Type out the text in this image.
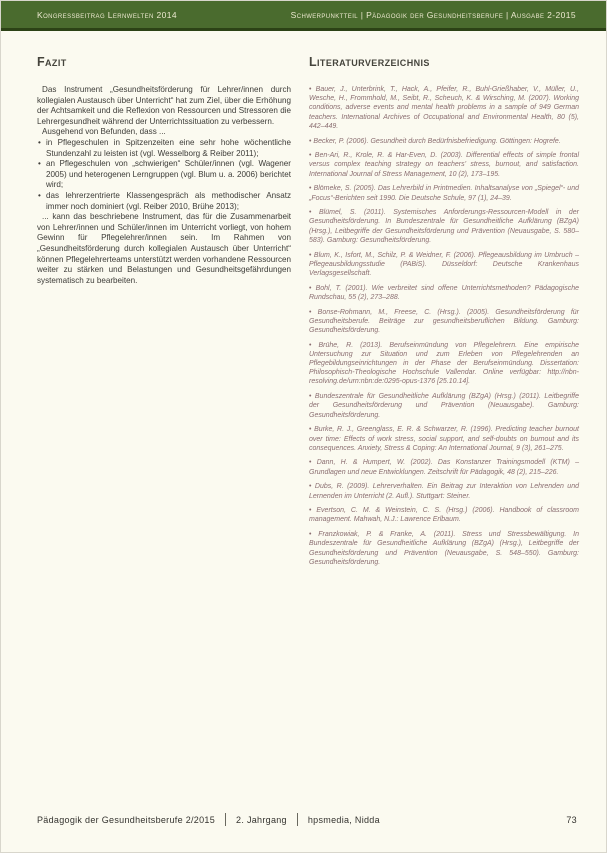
Kongressbeitrag Lernwelten 2014	Schwerpunktteil | Pädagogik der Gesundheitsberufe | Ausgabe 2-2015
Fazit

Das Instrument „Gesundheitsförderung für Lehrer/innen durch kollegialen Austausch über Unterricht“ hat zum Ziel, über die Erhöhung der Achtsamkeit und die Reflexion von Ressourcen und Stressoren die Lehrergesundheit während der Unterrichtssituation zu verbessern.

Ausgehend von Befunden, dass ...

• in Pflegeschulen in Spitzenzeiten eine sehr hohe wöchentliche Stundenzahl zu leisten ist (vgl. Wesselborg & Reiber 2011);
• an Pflegeschulen von „schwierigen“ Schüler/innen (vgl. Wagener 2005) und heterogenen Lerngruppen (vgl. Blum u. a. 2006) berichtet wird;
• das lehrerzentrierte Klassengespräch als methodischer Ansatz immer noch dominiert (vgl. Reiber 2010, Brühe 2013);

... kann das beschriebene Instrument, das für die Zusammenarbeit von Lehrer/innen und Schüler/innen im Unterricht vorliegt, von hohem Gewinn für Pflegelehrer/innen sein. Im Rahmen von „Gesundheitsförderung durch kollegialen Austausch über Unterricht“ können Pflegelehrerteams unterstützt werden vorhandene Ressourcen weiter zu stärken und Belastungen und Gesundheitsgefährdungen systematisch zu bearbeiten.

Literaturverzeichnis

• Bauer, J., Unterbrink, T., Hack, A., Pfeifer, R., Buhl-Grießhaber, V., Müller, U., Wesche, H., Frommhold, M., Seibt, R., Scheuch, K. & Wirsching, M. (2007). Working conditions, adverse events and mental health problems in a sample of 949 German teachers. International Archives of Occupational and Environmental Health, 80 (5), 442–449.

• Becker, P. (2006). Gesundheit durch Bedürfnisbefriedigung. Göttingen: Hogrefe.

• Ben-Ari, R., Krole, R. & Har-Even, D. (2003). Differential effects of simple frontal versus complex teaching strategy on teachers’ stress, burnout, and satisfaction. International Journal of Stress Management, 10 (2), 173–195.

• Blömeke, S. (2005). Das Lehrerbild in Printmedien. Inhaltsanalyse von „Spiegel“- und „Focus“-Berichten seit 1990. Die Deutsche Schule, 97 (1), 24–39.

• Blümel, S. (2011). Systemisches Anforderungs-Ressourcen-Modell in der Gesundheitsförderung. In Bundeszentrale für Gesundheitliche Aufklärung (BZgA) (Hrsg.), Leitbegriffe der Gesundheitsförderung und Prävention (Neuausgabe, S. 580–583). Gamburg: Gesundheitsförderung.

• Blum, K., Isfort, M., Schilz, P. & Weidner, F. (2006). Pflegeausbildung im Umbruch – Pflegeausbildungsstudie (PABiS). Düsseldorf: Deutsche Krankenhaus Verlagsgesellschaft.

• Bohl, T. (2001). Wie verbreitet sind offene Unterrichtsmethoden? Pädagogische Rundschau, 55 (2), 273–288.

• Bonse-Rohmann, M., Freese, C. (Hrsg.). (2005). Gesundheitsförderung für Gesundheitsberufe. Beiträge zur gesundheitsberuflichen Bildung. Gamburg: Gesundheitsförderung.

• Brühe, R. (2013). Berufseinmündung von Pflegelehrern. Eine empirische Untersuchung zur Situation und zum Erleben von Pflegelehrenden an Pflegebildungseinrichtungen in der Phase der Berufseinmündung. Dissertation: Philosophisch-Theologische Hochschule Vallendar. Online verfügbar: http://nbn-resolving.de/urn:nbn:de:0295-opus-1376 [25.10.14].

• Bundeszentrale für Gesundheitliche Aufklärung (BZgA) (Hrsg.) (2011). Leitbegriffe der Gesundheitsförderung und Prävention (Neuausgabe). Gamburg: Gesundheitsförderung.

• Burke, R. J., Greenglass, E. R. & Schwarzer, R. (1996). Predicting teacher burnout over time: Effects of work stress, social support, and self-doubts on burnout and its consequences. Anxiety, Stress & Coping: An International Journal, 9 (3), 261–275.

• Dann, H. & Humpert, W. (2002). Das Konstanzer Trainingsmodell (KTM) – Grundlagen und neue Entwicklungen. Zeitschrift für Pädagogik, 48 (2), 215–226.

• Dubs, R. (2009). Lehrerverhalten. Ein Beitrag zur Interaktion von Lehrenden und Lernenden im Unterricht (2. Aufl.). Stuttgart: Steiner.

• Evertson, C. M. & Weinstein, C. S. (Hrsg.) (2006). Handbook of classroom management. Mahwah, N.J.: Lawrence Erlbaum.

• Franzkowiak, P. & Franke, A. (2011). Stress und Stressbewältigung. In Bundeszentrale für Gesundheitliche Aufklärung (BZgA) (Hrsg.), Leitbegriffe der Gesundheitsförderung und Prävention (Neuausgabe, S. 548–550). Gamburg: Gesundheitsförderung.

Pädagogik der Gesundheitsberufe 2/2015 2. Jahrgang hpsmedia, Nidda	73
